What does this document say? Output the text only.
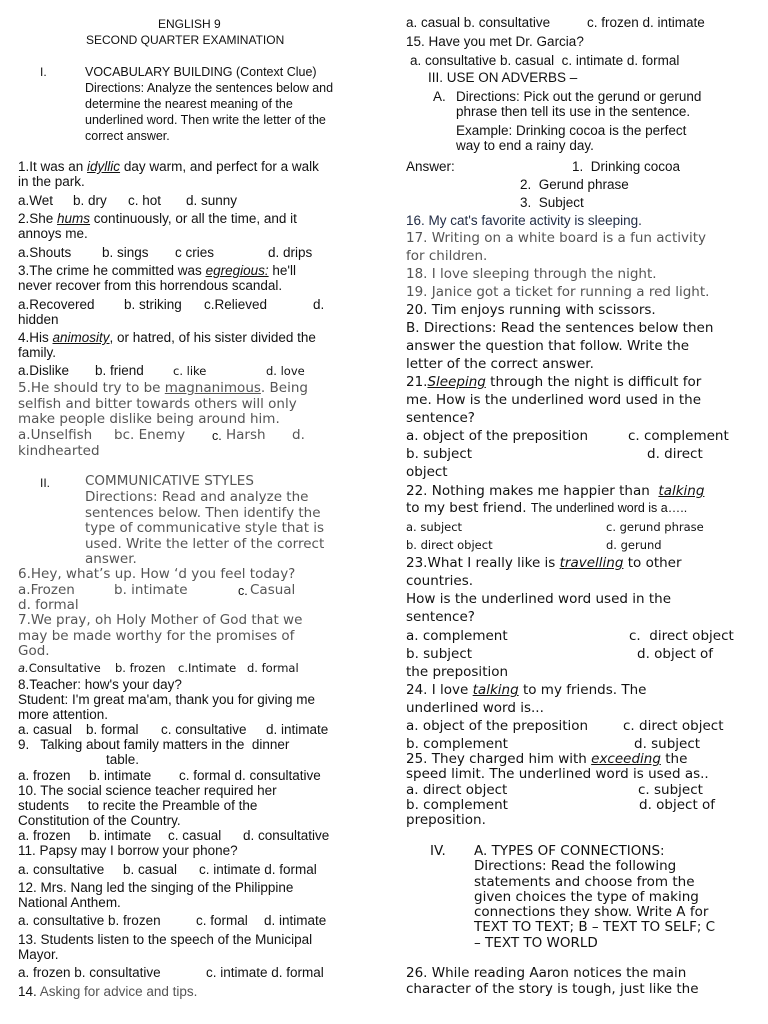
ENGLISH 9
SECOND QUARTER EXAMINATION
I.	VOCABULARY BUILDING (Context Clue)
Directions: Analyze the sentences below and
determine the nearest meaning of the
underlined word. Then write the letter of the
correct answer.
1.It was an idyllic day warm, and perfect for a walk
in the park.
a.Wet b. dry c. hot d. sunny
2.She hums continuously, or all the time, and it
annoys me.
a.Shouts b. sings c cries	d. drips
3.The crime he committed was egregious: he'll
never recover from this horrendous scandal.
a.Recovered b. striking c.Relieved	d.
hidden
4.His animosity, or hatred, of his sister divided the
family.
a.Dislike b. friend	c. like	d. love
5.He should try to be magnanimous. Being
selfish and bitter towards others will only
make people dislike being around him.
a.Unselfish bc. Enemy c. Harsh d.
kindhearted
II.	COMMUNICATIVE STYLES
Directions: Read and analyze the
sentences below. Then identify the
type of communicative style that is
used. Write the letter of the correct
answer.
6.Hey, what’s up. How ‘d you feel today?
a.Frozen	b. intimate	c. Casual
d. formal
7.We pray, oh Holy Mother of God that we
may be made worthy for the promises of
God.
a.Consultative b. frozen c.Intimate d. formal
8.Teacher: how's your day?
Student: I'm great ma'am, thank you for giving me
more attention.
a. casual b. formal c. consultative d. intimate
9.   Talking about family matters in the  dinner
table.
a. frozen b. intimate c. formal d. consultative
10. The social science teacher required her
students     to recite the Preamble of the
Constitution of the Country.
a. frozen b. intimate c. casual d. consultative
11. Papsy may I borrow your phone?
a. consultative b. casual c. intimate d. formal
12. Mrs. Nang led the singing of the Philippine
National Anthem.
a. consultative b. frozen	c. formal d. intimate
13. Students listen to the speech of the Municipal
Mayor.
a. frozen b. consultative	c. intimate d. formal
14. Asking for advice and tips.
a. casual b. consultative	c. frozen d. intimate
15. Have you met Dr. Garcia?
a. consultative b. casual  c. intimate d. formal
III. USE ON ADVERBS –
A. Directions: Pick out the gerund or gerund
phrase then tell its use in the sentence.
Example: Drinking cocoa is the perfect
way to end a rainy day.
Answer:	1.  Drinking cocoa
2.  Gerund phrase
3.  Subject
16. My cat's favorite activity is sleeping.
17. Writing on a white board is a fun activity
for children.
18. I love sleeping through the night.
19. Janice got a ticket for running a red light.
20. Tim enjoys running with scissors.
B. Directions: Read the sentences below then
answer the question that follow. Write the
letter of the correct answer.
21.Sleeping through the night is difficult for
me. How is the underlined word used in the
sentence?
a. object of the preposition	c. complement
b. subject	d. direct
object
22. Nothing makes me happier than  talking
to my best friend. The underlined word is a…..
a. subject	c. gerund phrase
b. direct object	d. gerund
23.What I really like is travelling to other
countries.
How is the underlined word used in the
sentence?
a. complement	c.  direct object
b. subject	d. object of
the preposition
24. I love talking to my friends. The
underlined word is...
a. object of the preposition	c. direct object
b. complement	d. subject
25. They charged him with exceeding the
speed limit. The underlined word is used as..
a. direct object	c. subject
b. complement	d. object of
preposition.
IV. A. TYPES OF CONNECTIONS:
Directions: Read the following
statements and choose from the
given choices the type of making
connections they show. Write A for
TEXT TO TEXT; B – TEXT TO SELF; C
– TEXT TO WORLD
26. While reading Aaron notices the main
character of the story is tough, just like the
